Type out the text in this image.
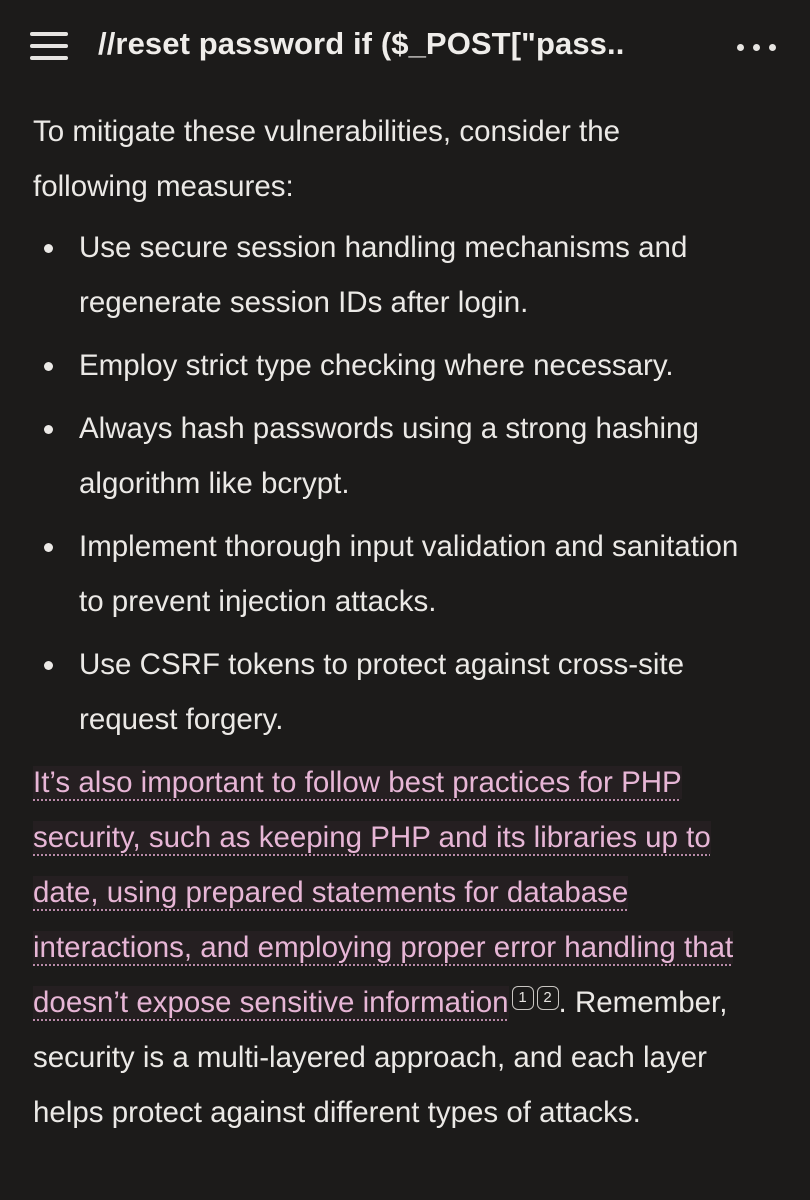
//reset password if ($_POST["pass..

To mitigate these vulnerabilities, consider the following measures:

Use secure session handling mechanisms and regenerate session IDs after login.
Employ strict type checking where necessary.
Always hash passwords using a strong hashing algorithm like bcrypt.
Implement thorough input validation and sanitation to prevent injection attacks.
Use CSRF tokens to protect against cross-site request forgery.

It’s also important to follow best practices for PHP security, such as keeping PHP and its libraries up to date, using prepared statements for database interactions, and employing proper error handling that doesn’t expose sensitive information 1 2 . Remember, security is a multi-layered approach, and each layer helps protect against different types of attacks.
